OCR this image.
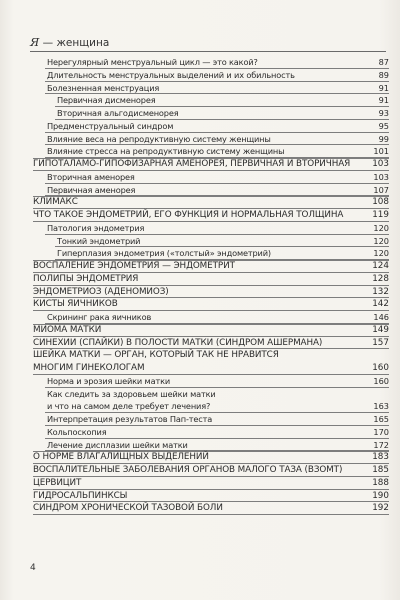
Я — женщина
Нерегулярный менструальный цикл — это какой?	87
Длительность менструальных выделений и их обильность	89
Болезненная менструация	91
Первичная дисменорея	91
Вторичная альгодисменорея	93
Предменструальный синдром	95
Влияние веса на репродуктивную систему женщины	99
Влияние стресса на репродуктивную систему женщины	101
ГИПОТАЛАМО-ГИПОФИЗАРНАЯ АМЕНОРЕЯ, ПЕРВИЧНАЯ И ВТОРИЧНАЯ	103
Вторичная аменорея	103
Первичная аменорея	107
КЛИМАКС	108
ЧТО ТАКОЕ ЭНДОМЕТРИЙ, ЕГО ФУНКЦИЯ И НОРМАЛЬНАЯ ТОЛЩИНА	119
Патология эндометрия	120
Тонкий эндометрий	120
Гиперплазия эндометрия («толстый» эндометрий)	120
ВОСПАЛЕНИЕ ЭНДОМЕТРИЯ — ЭНДОМЕТРИТ	124
ПОЛИПЫ ЭНДОМЕТРИЯ	128
ЭНДОМЕТРИОЗ (АДЕНОМИОЗ)	132
КИСТЫ ЯИЧНИКОВ	142
Скрининг рака яичников	146
МИОМА МАТКИ	149
СИНЕХИИ (СПАЙКИ) В ПОЛОСТИ МАТКИ (СИНДРОМ АШЕРМАНА)	157
ШЕЙКА МАТКИ — ОРГАН, КОТОРЫЙ ТАК НЕ НРАВИТСЯ
МНОГИМ ГИНЕКОЛОГАМ	160
Норма и эрозия шейки матки	160
Как следить за здоровьем шейки матки
и что на самом деле требует лечения?	163
Интерпретация результатов Пап-теста	165
Кольпоскопия	170
Лечение дисплазии шейки матки	172
О НОРМЕ ВЛАГАЛИЩНЫХ ВЫДЕЛЕНИЙ	183
ВОСПАЛИТЕЛЬНЫЕ ЗАБОЛЕВАНИЯ ОРГАНОВ МАЛОГО ТАЗА (ВЗОМТ)	185
ЦЕРВИЦИТ	188
ГИДРОСАЛЬПИНКСЫ	190
СИНДРОМ ХРОНИЧЕСКОЙ ТАЗОВОЙ БОЛИ	192
4
